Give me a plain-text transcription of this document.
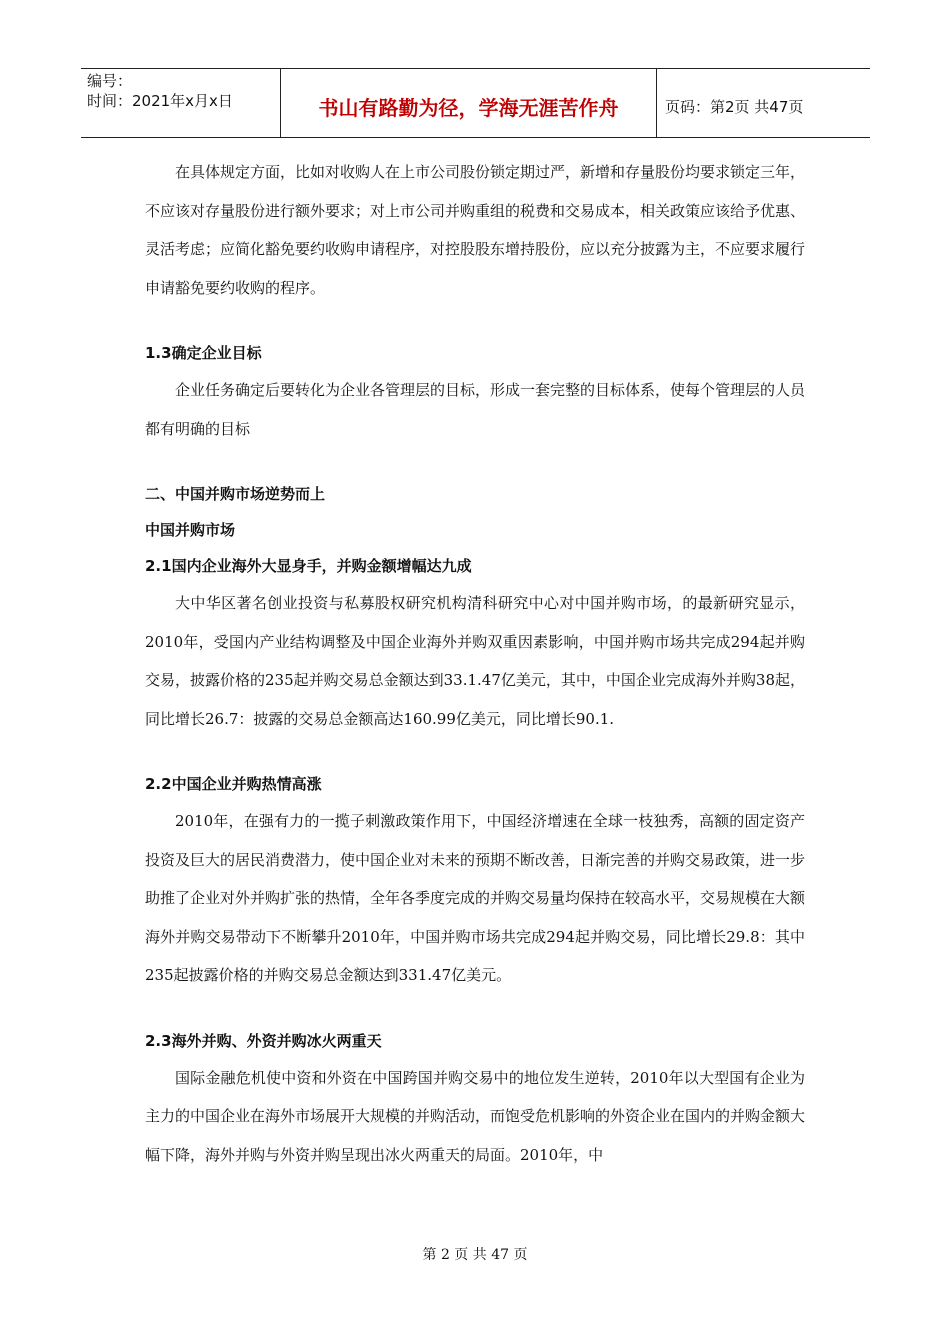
编号：
时间：2021年x月x日	书山有路勤为径，学海无涯苦作舟	页码：第2页 共47页

在具体规定方面，比如对收购人在上市公司股份锁定期过严，新增和存量股份均要求锁定三年，不应该对存量股份进行额外要求；对上市公司并购重组的税费和交易成本，相关政策应该给予优惠、灵活考虑；应简化豁免要约收购申请程序，对控股股东增持股份，应以充分披露为主，不应要求履行申请豁免要约收购的程序。

1.3确定企业目标

企业任务确定后要转化为企业各管理层的目标，形成一套完整的目标体系，使每个管理层的人员都有明确的目标

二、中国并购市场逆势而上

中国并购市场

2.1国内企业海外大显身手，并购金额增幅达九成

大中华区著名创业投资与私募股权研究机构清科研究中心对中国并购市场，的最新研究显示，2010年，受国内产业结构调整及中国企业海外并购双重因素影响，中国并购市场共完成294起并购交易，披露价格的235起并购交易总金额达到33.1.47亿美元，其中，中国企业完成海外并购38起，同比增长26.7：披露的交易总金额高达160.99亿美元，同比增长90.1.

2.2中国企业并购热情高涨

2010年，在强有力的一揽子刺激政策作用下，中国经济增速在全球一枝独秀，高额的固定资产投资及巨大的居民消费潜力，使中国企业对未来的预期不断改善，日渐完善的并购交易政策，进一步助推了企业对外并购扩张的热情，全年各季度完成的并购交易量均保持在较高水平，交易规模在大额海外并购交易带动下不断攀升2010年，中国并购市场共完成294起并购交易，同比增长29.8：其中235起披露价格的并购交易总金额达到331.47亿美元。

2.3海外并购、外资并购冰火两重天

国际金融危机使中资和外资在中国跨国并购交易中的地位发生逆转，2010年以大型国有企业为主力的中国企业在海外市场展开大规模的并购活动，而饱受危机影响的外资企业在国内的并购金额大幅下降，海外并购与外资并购呈现出冰火两重天的局面。2010年，中

第 2 页 共 47 页
